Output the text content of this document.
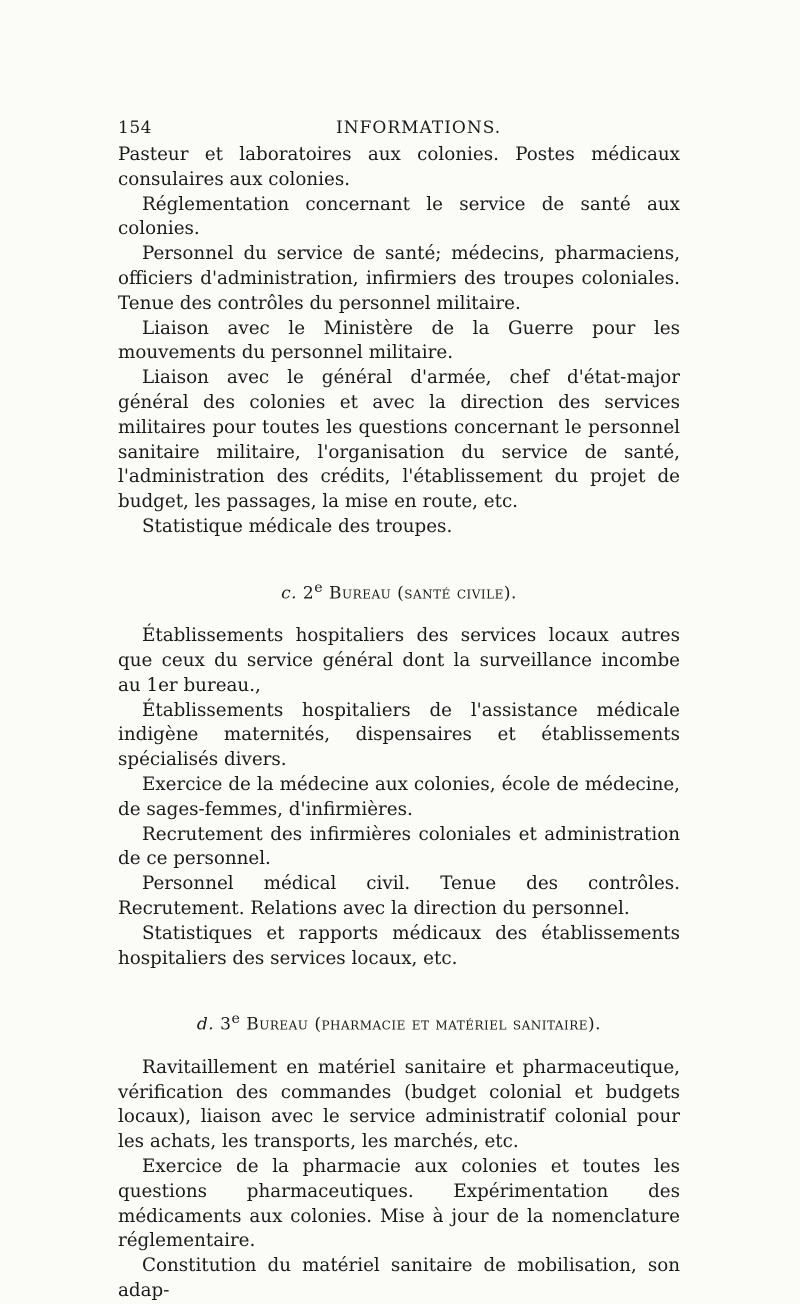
154	INFORMATIONS.

Pasteur et laboratoires aux colonies. Postes médicaux consulaires aux colonies.

Réglementation concernant le service de santé aux colonies.

Personnel du service de santé; médecins, pharmaciens, officiers d'administration, infirmiers des troupes coloniales. Tenue des contrôles du personnel militaire.

Liaison avec le Ministère de la Guerre pour les mouvements du personnel militaire.

Liaison avec le général d'armée, chef d'état-major général des colonies et avec la direction des services militaires pour toutes les questions concernant le personnel sanitaire militaire, l'organisation du service de santé, l'administration des crédits, l'établissement du projet de budget, les passages, la mise en route, etc.

Statistique médicale des troupes.

c. 2e Bureau (santé civile).

Établissements hospitaliers des services locaux autres que ceux du service général dont la surveillance incombe au 1er bureau.,

Établissements hospitaliers de l'assistance médicale indigène maternités, dispensaires et établissements spécialisés divers.

Exercice de la médecine aux colonies, école de médecine, de sages-femmes, d'infirmières.

Recrutement des infirmières coloniales et administration de ce personnel.

Personnel médical civil. Tenue des contrôles. Recrutement. Relations avec la direction du personnel.

Statistiques et rapports médicaux des établissements hospitaliers des services locaux, etc.

d. 3e Bureau (pharmacie et matériel sanitaire).

Ravitaillement en matériel sanitaire et pharmaceutique, vérification des commandes (budget colonial et budgets locaux), liaison avec le service administratif colonial pour les achats, les transports, les marchés, etc.

Exercice de la pharmacie aux colonies et toutes les questions pharmaceutiques. Expérimentation des médicaments aux colonies. Mise à jour de la nomenclature réglementaire.

Constitution du matériel sanitaire de mobilisation, son adap-
